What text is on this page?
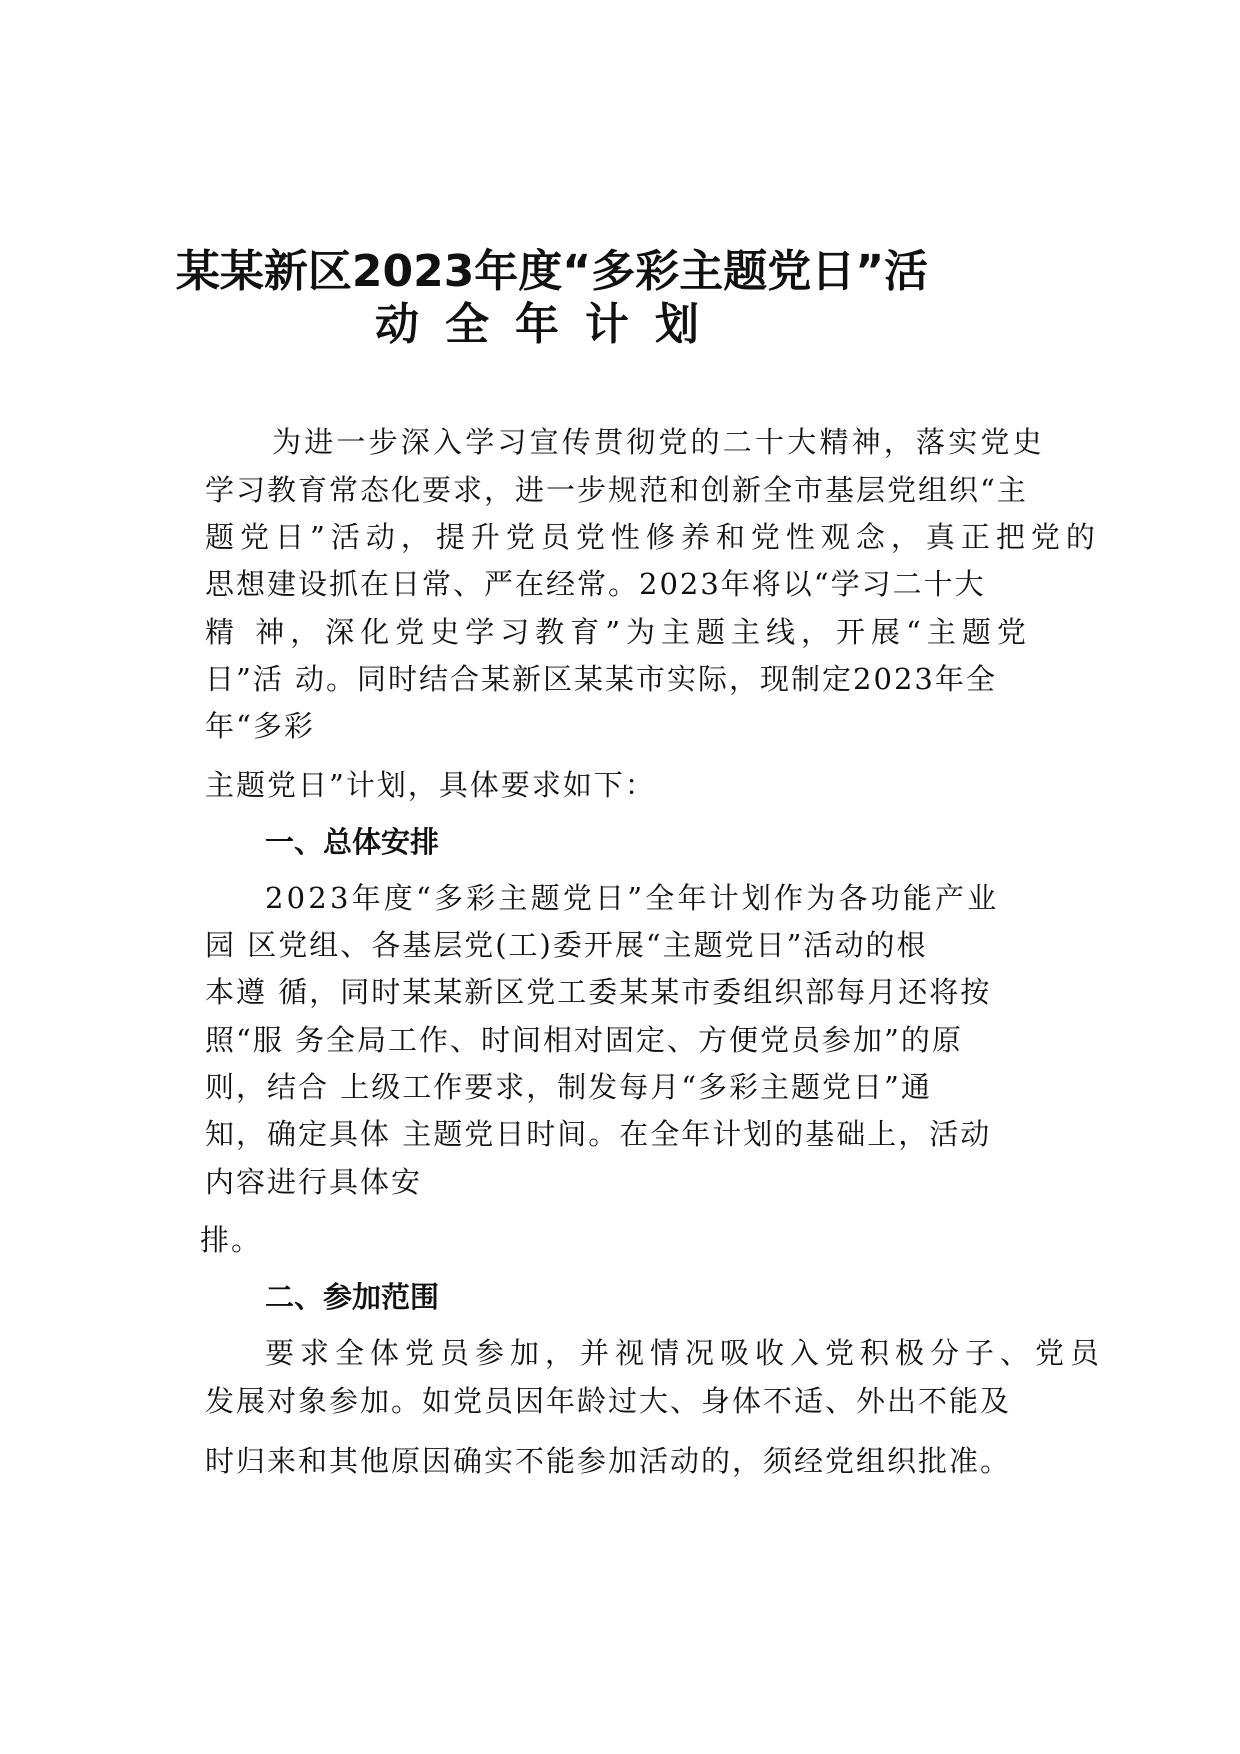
某某新区2023年度“多彩主题党日”活
动全年计划

为进一步深入学习宣传贯彻党的二十大精神，落实党史

学习教育常态化要求，进一步规范和创新全市基层党组织“主

题党日”活动，提升党员党性修养和党性观念，真正把党的

思想建设抓在日常、严在经常。2023年将以“学习二十大

精 神，深化党史学习教育”为主题主线，开展“主题党

日”活 动。同时结合某新区某某市实际，现制定2023年全

年“多彩

主题党日”计划，具体要求如下：

一、总体安排

2023年度“多彩主题党日”全年计划作为各功能产业

园 区党组、各基层党(工)委开展“主题党日”活动的根

本遵 循，同时某某新区党工委某某市委组织部每月还将按

照“服 务全局工作、时间相对固定、方便党员参加”的原

则，结合 上级工作要求，制发每月“多彩主题党日”通

知，确定具体 主题党日时间。在全年计划的基础上，活动

内容进行具体安

排。

二、参加范围

要求全体党员参加，并视情况吸收入党积极分子、党员

发展对象参加。如党员因年龄过大、身体不适、外出不能及

时归来和其他原因确实不能参加活动的，须经党组织批准。
